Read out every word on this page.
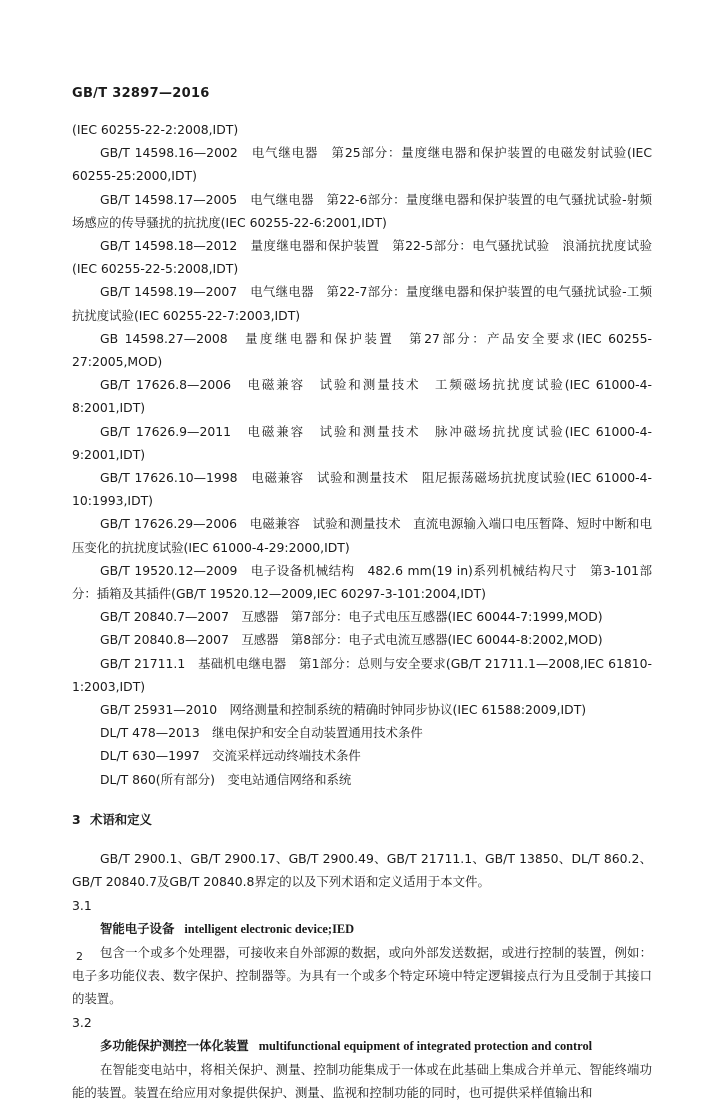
GB/T 32897—2016

(IEC 60255-22-2:2008,IDT)

GB/T 14598.16—2002　电气继电器　第25部分：量度继电器和保护装置的电磁发射试验(IEC 60255-25:2000,IDT)

GB/T 14598.17—2005　电气继电器　第22-6部分：量度继电器和保护装置的电气骚扰试验-射频场感应的传导骚扰的抗扰度(IEC 60255-22-6:2001,IDT)

GB/T 14598.18—2012　量度继电器和保护装置　第22-5部分：电气骚扰试验　浪涌抗扰度试验(IEC 60255-22-5:2008,IDT)

GB/T 14598.19—2007　电气继电器　第22-7部分：量度继电器和保护装置的电气骚扰试验-工频抗扰度试验(IEC 60255-22-7:2003,IDT)

GB 14598.27—2008　量度继电器和保护装置　第27部分：产品安全要求(IEC 60255-27:2005,MOD)

GB/T 17626.8—2006　电磁兼容　试验和测量技术　工频磁场抗扰度试验(IEC 61000-4-8:2001,IDT)

GB/T 17626.9—2011　电磁兼容　试验和测量技术　脉冲磁场抗扰度试验(IEC 61000-4-9:2001,IDT)

GB/T 17626.10—1998　电磁兼容　试验和测量技术　阻尼振荡磁场抗扰度试验(IEC 61000-4-10:1993,IDT)

GB/T 17626.29—2006　电磁兼容　试验和测量技术　直流电源输入端口电压暂降、短时中断和电压变化的抗扰度试验(IEC 61000-4-29:2000,IDT)

GB/T 19520.12—2009　电子设备机械结构　482.6 mm(19 in)系列机械结构尺寸　第3-101部分：插箱及其插件(GB/T 19520.12—2009,IEC 60297-3-101:2004,IDT)

GB/T 20840.7—2007　互感器　第7部分：电子式电压互感器(IEC 60044-7:1999,MOD)

GB/T 20840.8—2007　互感器　第8部分：电子式电流互感器(IEC 60044-8:2002,MOD)

GB/T 21711.1　基础机电继电器　第1部分：总则与安全要求(GB/T 21711.1—2008,IEC 61810-1:2003,IDT)

GB/T 25931—2010　网络测量和控制系统的精确时钟同步协议(IEC 61588:2009,IDT)

DL/T 478—2013　继电保护和安全自动装置通用技术条件

DL/T 630—1997　交流采样远动终端技术条件

DL/T 860(所有部分)　变电站通信网络和系统

3 术语和定义

GB/T 2900.1、GB/T 2900.17、GB/T 2900.49、GB/T 21711.1、GB/T 13850、DL/T 860.2、GB/T 20840.7及GB/T 20840.8界定的以及下列术语和定义适用于本文件。

3.1

智能电子设备 intelligent electronic device;IED

包含一个或多个处理器，可接收来自外部源的数据，或向外部发送数据，或进行控制的装置，例如：电子多功能仪表、数字保护、控制器等。为具有一个或多个特定环境中特定逻辑接点行为且受制于其接口的装置。

3.2

多功能保护测控一体化装置 multifunctional equipment of integrated protection and control

在智能变电站中，将相关保护、测量、控制功能集成于一体或在此基础上集成合并单元、智能终端功能的装置。装置在给应用对象提供保护、测量、监视和控制功能的同时，也可提供采样值输出和

2
